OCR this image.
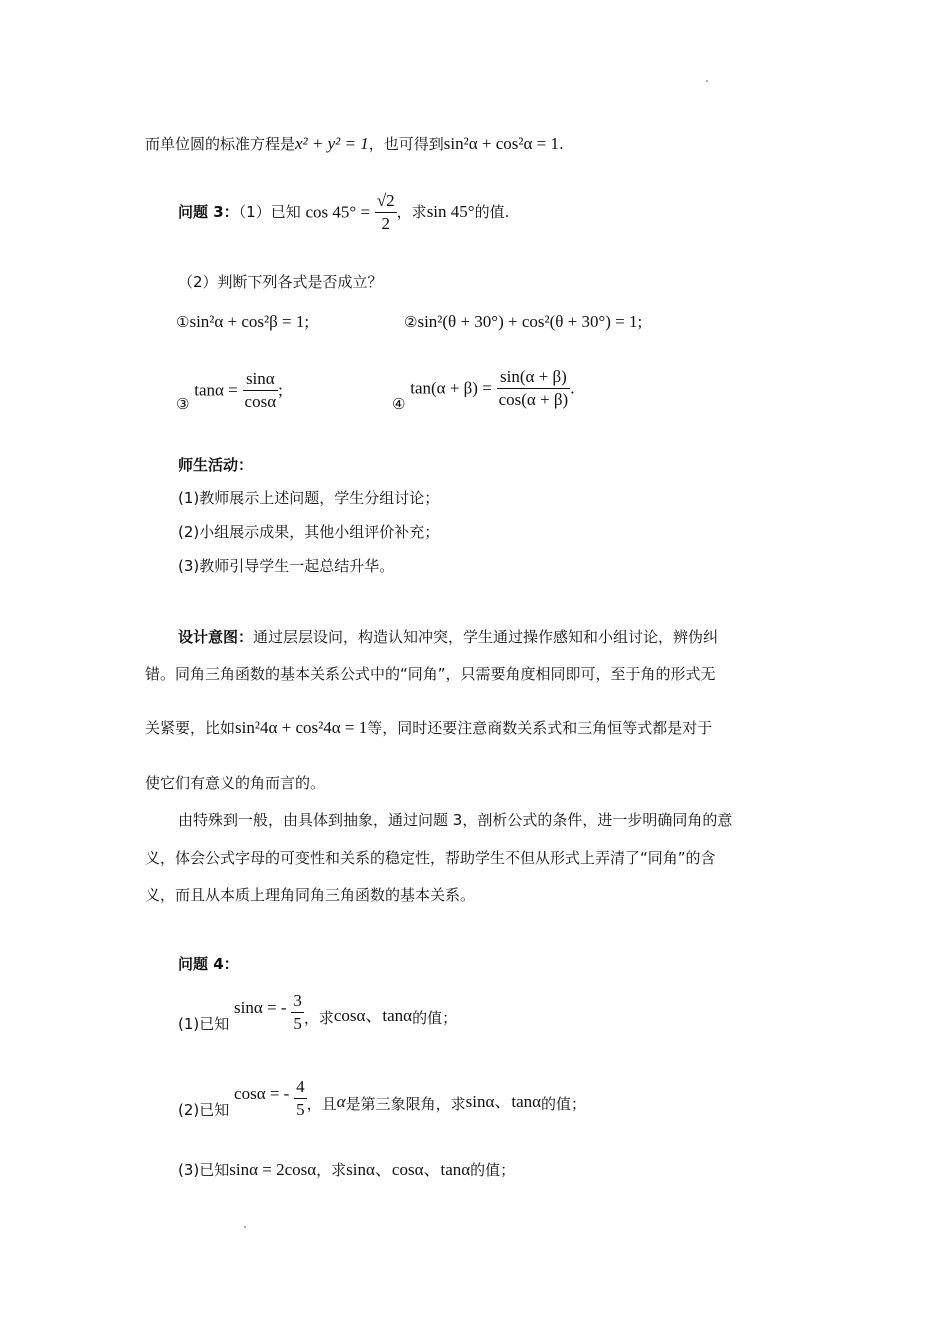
而单位圆的标准方程是x² + y² = 1，也可得到sin²α + cos²α = 1.
问题 3：（1）已知 $\cos 45^\circ = \frac{√2}{2}$ ，求sin 45°的值.
（2）判断下列各式是否成立？
①sin²α + cos²β = 1;	②sin²(θ + 30°) + cos²(θ + 30°) = 1;
③ $\tan\alpha = \frac{\sin\alpha}{\cos\alpha}$ ;
④ $\tan(\alpha + \beta) = \frac{\sin(\alpha + \beta)}{\cos(\alpha + \beta)}$ .
师生活动：
(1)教师展示上述问题，学生分组讨论；
(2)小组展示成果，其他小组评价补充；
(3)教师引导学生一起总结升华。
设计意图：通过层层设问，构造认知冲突，学生通过操作感知和小组讨论，辨伪纠
错。同角三角函数的基本关系公式中的“同角”，只需要角度相同即可，至于角的形式无
关紧要，比如sin²4α + cos²4α = 1等，同时还要注意商数关系式和三角恒等式都是对于
使它们有意义的角而言的。
由特殊到一般，由具体到抽象，通过问题 3，剖析公式的条件，进一步明确同角的意
义，体会公式字母的可变性和关系的稳定性，帮助学生不但从形式上弄清了“同角”的含
义，而且从本质上理角同角三角函数的基本关系。
问题 4：
(1)已知 sinα = - $\frac{3}{5}$ ，求cosα、tanα的值；
(2)已知 cosα = - $\frac{4}{5}$ ，且α是第三象限角，求sinα、tanα的值；
(3)已知sinα = 2cosα，求sinα、cosα、tanα的值；
